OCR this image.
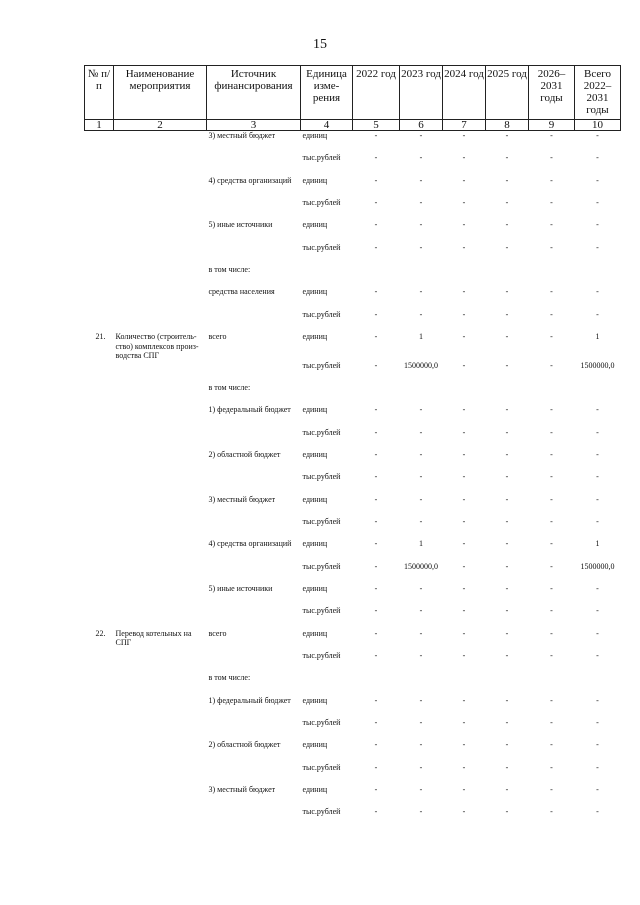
15
№ п/п	Наименование мероприятия	Источник финансирования	Единица изме-рения	2022 год	2023 год	2024 год	2025 год	2026–2031 годы	Всего 2022–2031 годы
1	2	3	4	5	6	7	8	9	10
		3) местный бюджет	единиц	-	-	-	-	-	-
			тыс.рублей	-	-	-	-	-	-
		4) средства организаций	единиц	-	-	-	-	-	-
			тыс.рублей	-	-	-	-	-	-
		5) иные источники	единиц	-	-	-	-	-	-
			тыс.рублей	-	-	-	-	-	-
		в том числе:							
		средства населения	единиц	-	-	-	-	-	-
			тыс.рублей	-	-	-	-	-	-
21.	Количество (строитель-ство) комплексов произ-водства СПГ	всего	единиц	-	1	-	-	-	1
			тыс.рублей	-	1500000,0	-	-	-	1500000,0
		в том числе:							
		1) федеральный бюджет	единиц	-	-	-	-	-	-
			тыс.рублей	-	-	-	-	-	-
		2) областной бюджет	единиц	-	-	-	-	-	-
			тыс.рублей	-	-	-	-	-	-
		3) местный бюджет	единиц	-	-	-	-	-	-
			тыс.рублей	-	-	-	-	-	-
		4) средства организаций	единиц	-	1	-	-	-	1
			тыс.рублей	-	1500000,0	-	-	-	1500000,0
		5) иные источники	единиц	-	-	-	-	-	-
			тыс.рублей	-	-	-	-	-	-
22.	Перевод котельных на СПГ	всего	единиц	-	-	-	-	-	-
			тыс.рублей	-	-	-	-	-	-
		в том числе:							
		1) федеральный бюджет	единиц	-	-	-	-	-	-
			тыс.рублей	-	-	-	-	-	-
		2) областной бюджет	единиц	-	-	-	-	-	-
			тыс.рублей	-	-	-	-	-	-
		3) местный бюджет	единиц	-	-	-	-	-	-
			тыс.рублей	-	-	-	-	-	-
